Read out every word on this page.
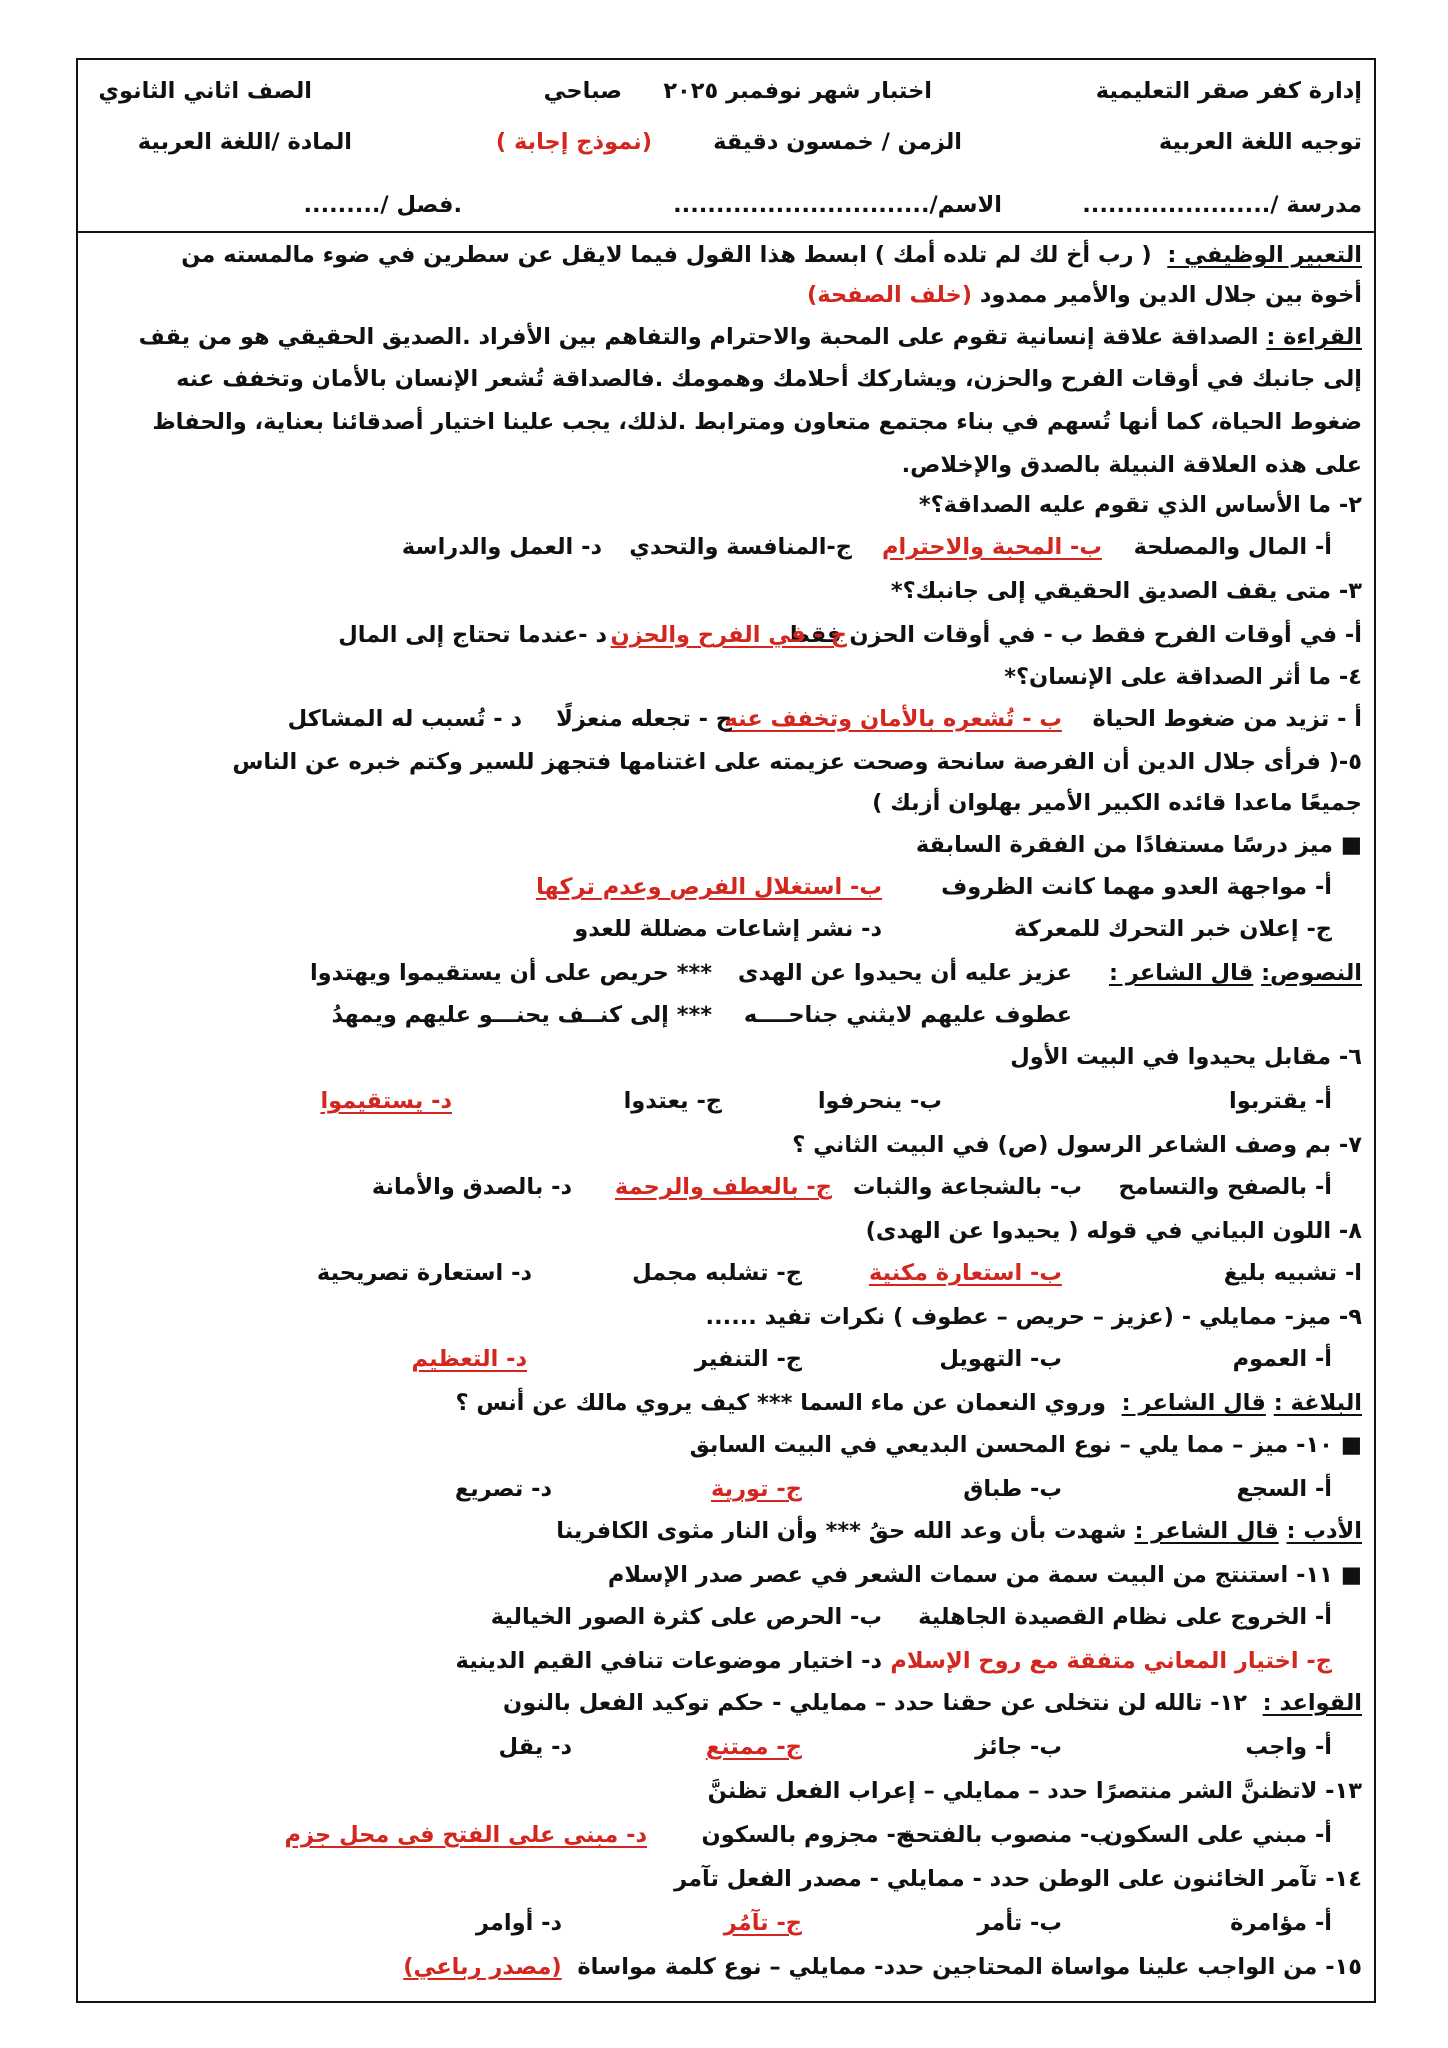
إدارة كفر صقر التعليمية
اختبار شهر نوفمبر ٢٠٢٥
صباحي
الصف اثاني الثانوي
توجيه اللغة العربية
الزمن / خمسون دقيقة
(نموذج إجابة )
المادة /اللغة العربية
مدرسة /......................
الاسم/..............................
.فصل /.........
التعبير الوظيفي :  ( رب أخ لك لم تلده أمك ) ابسط هذا القول فيما لايقل عن سطرين في ضوء مالمسته من
أخوة بين جلال الدين والأمير ممدود (خلف الصفحة)
القراءة : الصداقة علاقة إنسانية تقوم على المحبة والاحترام والتفاهم بين الأفراد .الصديق الحقيقي هو من يقف
إلى جانبك في أوقات الفرح والحزن، ويشاركك أحلامك وهمومك .فالصداقة تُشعر الإنسان بالأمان وتخفف عنه
ضغوط الحياة، كما أنها تُسهم في بناء مجتمع متعاون ومترابط .لذلك، يجب علينا اختيار أصدقائنا بعناية، والحفاظ
على هذه العلاقة النبيلة بالصدق والإخلاص.
٢- ما الأساس الذي تقوم عليه الصداقة؟*
أ- المال والمصلحة
ب- المحبة والاحترام
ج-المنافسة والتحدي
د- العمل والدراسة
٣- متى يقف الصديق الحقيقي إلى جانبك؟*
أ- في أوقات الفرح فقط ب - في أوقات الحزن فقط
ج - في الفرح والحزن
د -عندما تحتاج إلى المال
٤- ما أثر الصداقة على الإنسان؟*
أ - تزيد من ضغوط الحياة
ب - تُشعره بالأمان وتخفف عنه
ج - تجعله منعزلًا
د - تُسبب له المشاكل
٥-( فرأى جلال الدين أن الفرصة سانحة وصحت عزيمته على اغتنامها فتجهز للسير وكتم خبره عن الناس
جميعًا ماعدا قائده الكبير الأمير بهلوان أزبك )
■ ميز درسًا مستفادًا من الفقرة السابقة
أ- مواجهة العدو مهما كانت الظروف
ب- استغلال الفرص وعدم تركها
ج- إعلان خبر التحرك للمعركة
د- نشر إشاعات مضللة للعدو
النصوص: قال الشاعر :
عزيز عليه أن يحيدوا عن الهدى
*** حريص على أن يستقيموا ويهتدوا
عطوف عليهم لايثني جناحــــه
*** إلى كنــف يحنـــو عليهم ويمهدُ
٦- مقابل يحيدوا في البيت الأول
أ- يقتربوا
ب- ينحرفوا
ج- يعتدوا
د- يستقيموا
٧- بم وصف الشاعر الرسول (ص) في البيت الثاني ؟
أ- بالصفح والتسامح
ب- بالشجاعة والثبات
ج- بالعطف والرحمة
د- بالصدق والأمانة
٨- اللون البياني في قوله ( يحيدوا عن الهدى)
ا- تشبيه بليغ
ب- استعارة مكنية
ج- تشلبه مجمل
د- استعارة تصريحية
٩- ميز- ممايلي - (عزيز – حريص – عطوف ) نكرات تفيد ......
أ- العموم
ب- التهويل
ج- التنفير
د- التعظيم
البلاغة : قال الشاعر :  وروي النعمان عن ماء السما *** كيف يروي مالك عن أنس ؟
■ ١٠- ميز – مما يلي – نوع المحسن البديعي في البيت السابق
أ- السجع
ب- طباق
ج- تورية
د- تصريع
الأدب : قال الشاعر : شهدت بأن وعد الله حقُ *** وأن النار مثوى الكافرينا
■ ١١- استنتج من البيت سمة من سمات الشعر في عصر صدر الإسلام
أ- الخروج على نظام القصيدة الجاهلية
ب- الحرص على كثرة الصور الخيالية
ج- اختيار المعاني متفقة مع روح الإسلام
د- اختيار موضوعات تنافي القيم الدينية
القواعد :  ١٢- تالله لن نتخلى عن حقنا حدد – ممايلي - حكم توكيد الفعل بالنون
أ- واجب
ب- جائز
ج- ممتنع
د- يقل
١٣- لاتظننَّ الشر منتصرًا حدد – ممايلي – إعراب الفعل تظننَّ
أ- مبني على السكون
ب- منصوب بالفتحة
ج- مجزوم بالسكون
د- مبنى على الفتح فى محل جزم
١٤- تآمر الخائنون على الوطن حدد - ممايلي - مصدر الفعل تآمر
أ- مؤامرة
ب- تأمر
ج- تآمُر
د- أوامر
١٥- من الواجب علينا مواساة المحتاجين حدد- ممايلي – نوع كلمة مواساة  (مصدر رباعي)
